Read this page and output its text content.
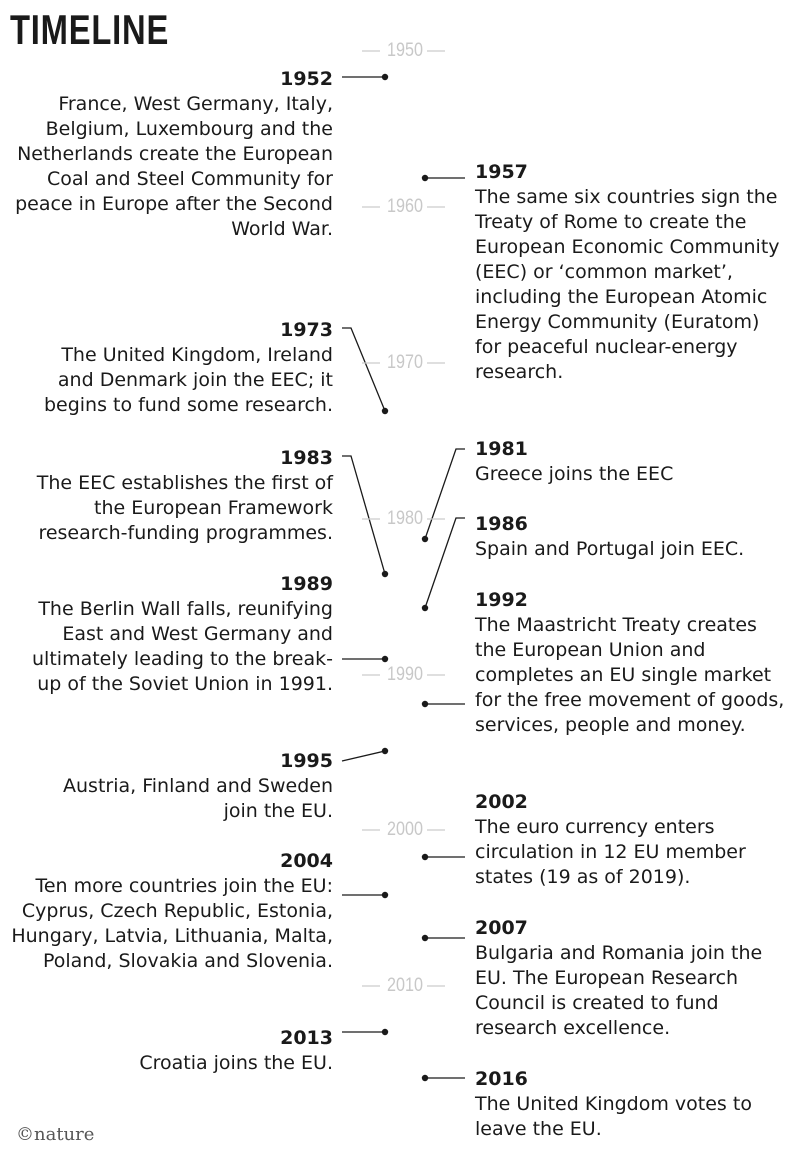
TIMELINE	1950
1960
1970
1980
1990
2000
2010
1952
France, West Germany, Italy, Belgium, Luxembourg and the Netherlands create the European Coal and Steel Community for peace in Europe after the Second World War.
1973
The United Kingdom, Ireland and Denmark join the EEC; it begins to fund some research.
1983
The EEC establishes the first of the European Framework research-funding programmes.
1989
The Berlin Wall falls, reunifying East and West Germany and ultimately leading to the break-up of the Soviet Union in 1991.
1995
Austria, Finland and Sweden join the EU.
2004
Ten more countries join the EU: Cyprus, Czech Republic, Estonia, Hungary, Latvia, Lithuania, Malta, Poland, Slovakia and Slovenia.
2013
Croatia joins the EU.
1957
The same six countries sign the Treaty of Rome to create the European Economic Community (EEC) or ‘common market’, including the European Atomic Energy Community (Euratom) for peaceful nuclear-energy research.
1981
Greece joins the EEC
1986
Spain and Portugal join EEC.
1992
The Maastricht Treaty creates the European Union and completes an EU single market for the free movement of goods, services, people and money.
2002
The euro currency enters circulation in 12 EU member states (19 as of 2019).
2007
Bulgaria and Romania join the EU. The European Research Council is created to fund research excellence.
2016
The United Kingdom votes to leave the EU.
©nature
